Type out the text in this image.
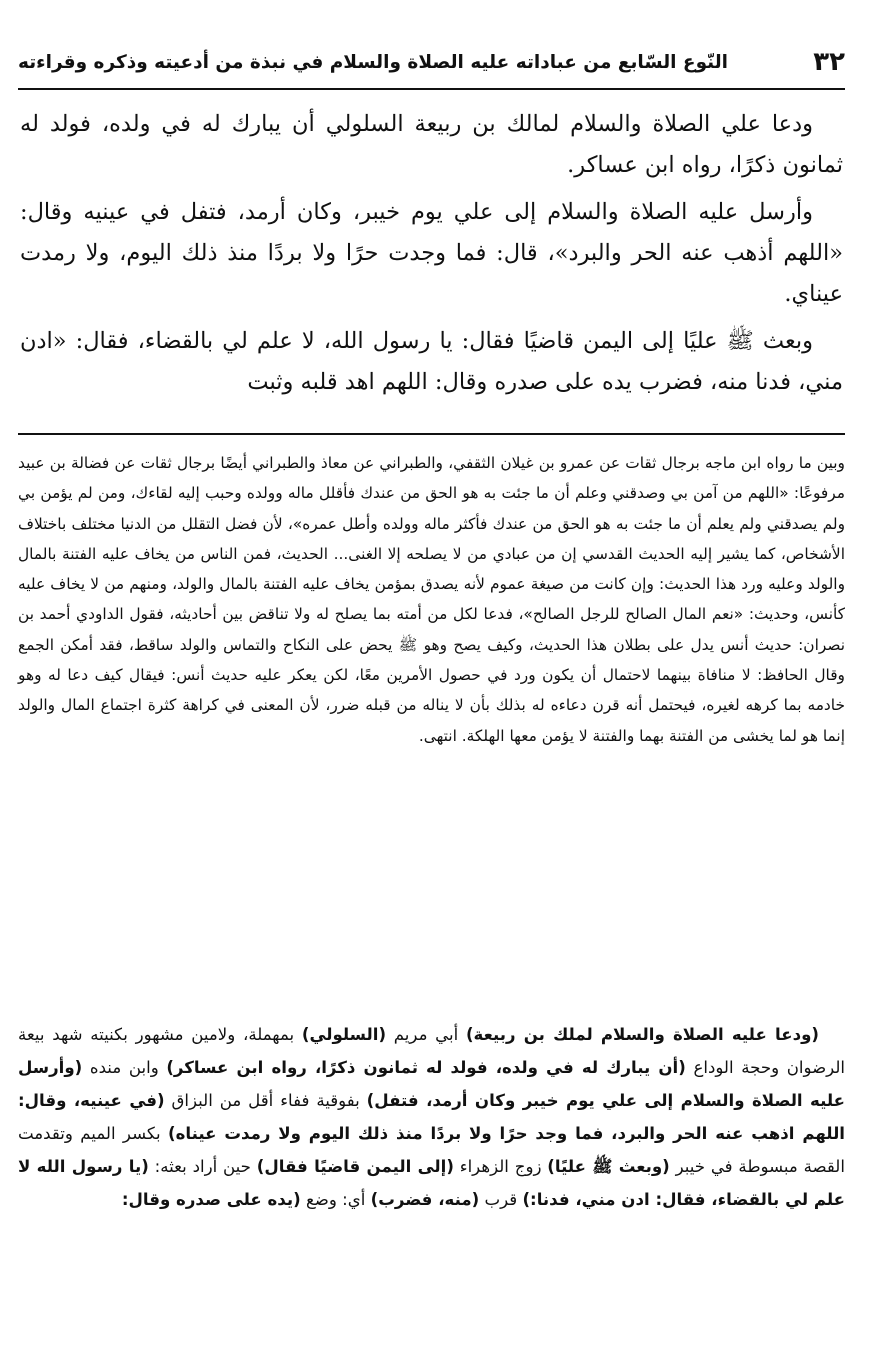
٣٢
النّوع السّابع من عباداته عليه الصلاة والسلام في نبذة من أدعيته وذكره وقراءته

ودعا علي الصلاة والسلام لمالك بن ربيعة السلولي أن يبارك له في ولده، فولد له ثمانون ذكرًا، رواه ابن عساكر.

وأرسل عليه الصلاة والسلام إلى علي يوم خيبر، وكان أرمد، فتفل في عينيه وقال: «اللهم أذهب عنه الحر والبرد»، قال: فما وجدت حرًا ولا بردًا منذ ذلك اليوم، ولا رمدت عيناي.

وبعث ﷺ عليًا إلى اليمن قاضيًا فقال: يا رسول الله، لا علم لي بالقضاء، فقال: «ادن مني، فدنا منه، فضرب يده على صدره وقال: اللهم اهد قلبه وثبت

وبين ما رواه ابن ماجه برجال ثقات عن عمرو بن غيلان الثقفي، والطبراني عن معاذ والطبراني أيضًا برجال ثقات عن فضالة بن عبيد مرفوعًا: «اللهم من آمن بي وصدقني وعلم أن ما جئت به هو الحق من عندك فأقلل ماله وولده وحبب إليه لقاءك، ومن لم يؤمن بي ولم يصدقني ولم يعلم أن ما جئت به هو الحق من عندك فأكثر ماله وولده وأطل عمره»، لأن فضل التقلل من الدنيا مختلف باختلاف الأشخاص، كما يشير إليه الحديث القدسي إن من عبادي من لا يصلحه إلا الغنى... الحديث، فمن الناس من يخاف عليه الفتنة بالمال والولد وعليه ورد هذا الحديث: وإن كانت من صيغة عموم لأنه يصدق بمؤمن يخاف عليه الفتنة بالمال والولد، ومنهم من لا يخاف عليه كأنس، وحديث: «نعم المال الصالح للرجل الصالح»، فدعا لكل من أمته بما يصلح له ولا تناقض بين أحاديثه، فقول الداودي أحمد بن نصران: حديث أنس يدل على بطلان هذا الحديث، وكيف يصح وهو ﷺ يحض على النكاح والتماس والولد ساقط، فقد أمكن الجمع وقال الحافظ: لا منافاة بينهما لاحتمال أن يكون ورد في حصول الأمرين معًا، لكن يعكر عليه حديث أنس: فيقال كيف دعا له وهو خادمه بما كرهه لغيره، فيحتمل أنه قرن دعاءه له بذلك بأن لا يناله من قبله ضرر، لأن المعنى في كراهة كثرة اجتماع المال والولد إنما هو لما يخشى من الفتنة بهما والفتنة لا يؤمن معها الهلكة. انتهى.

(ودعا عليه الصلاة والسلام لملك بن ربيعة) أبي مريم (السلولي) بمهملة، ولامين مشهور بكنيته شهد بيعة الرضوان وحجة الوداع (أن يبارك له في ولده، فولد له ثمانون ذكرًا، رواه ابن عساكر) وابن منده (وأرسل عليه الصلاة والسلام إلى علي يوم خيبر وكان أرمد، فتفل) بفوقية ففاء أقل من البزاق (في عينيه، وقال: اللهم اذهب عنه الحر والبرد، فما وجد حرًا ولا بردًا منذ ذلك اليوم ولا رمدت عيناه) بكسر الميم وتقدمت القصة مبسوطة في خيبر (وبعث ﷺ عليًا) زوج الزهراء (إلى اليمن قاضيًا فقال) حين أراد بعثه: (يا رسول الله لا علم لي بالقضاء، فقال: ادن مني، فدنا:) قرب (منه، فضرب) أي: وضع (يده على صدره وقال:
